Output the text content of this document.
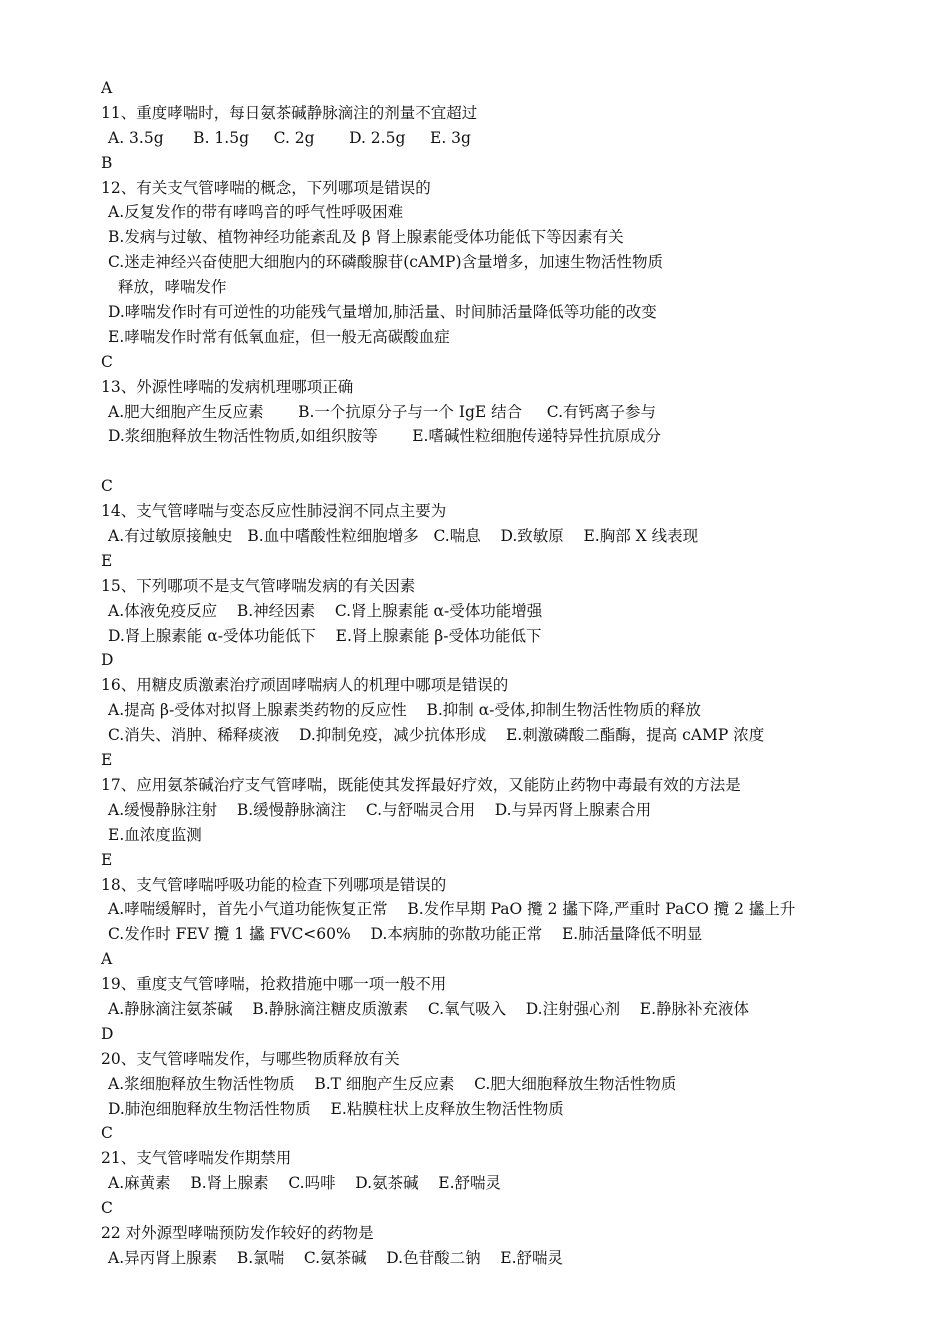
A
11、重度哮喘时，每日氨茶碱静脉滴注的剂量不宜超过
A. 3.5g      B. 1.5g     C. 2g       D. 2.5g     E. 3g
B
12、有关支气管哮喘的概念，下列哪项是错误的
A.反复发作的带有哮鸣音的呼气性呼吸困难
B.发病与过敏、植物神经功能紊乱及 β 肾上腺素能受体功能低下等因素有关
C.迷走神经兴奋使肥大细胞内的环磷酸腺苷(cAMP)含量增多，加速生物活性物质
释放，哮喘发作
D.哮喘发作时有可逆性的功能残气量增加,肺活量、时间肺活量降低等功能的改变
E.哮喘发作时常有低氧血症，但一般无高碳酸血症
C
13、外源性哮喘的发病机理哪项正确
A.肥大细胞产生反应素       B.一个抗原分子与一个 IgE 结合     C.有钙离子参与
D.浆细胞释放生物活性物质,如组织胺等       E.嗜碱性粒细胞传递特异性抗原成分
C
14、支气管哮喘与变态反应性肺浸润不同点主要为
A.有过敏原接触史   B.血中嗜酸性粒细胞增多   C.喘息    D.致敏原    E.胸部 X 线表现
E
15、下列哪项不是支气管哮喘发病的有关因素
A.体液免疫反应    B.神经因素    C.肾上腺素能 α-受体功能增强
D.肾上腺素能 α-受体功能低下    E.肾上腺素能 β-受体功能低下
D
16、用糖皮质激素治疗顽固哮喘病人的机理中哪项是错误的
A.提高 β-受体对拟肾上腺素类药物的反应性    B.抑制 α-受体,抑制生物活性物质的释放
C.消失、消肿、稀释痰液    D.抑制免疫，减少抗体形成    E.刺激磷酸二酯酶，提高 cAMP 浓度
E
17、应用氨茶碱治疗支气管哮喘，既能使其发挥最好疗效，又能防止药物中毒最有效的方法是
A.缓慢静脉注射    B.缓慢静脉滴注    C.与舒喘灵合用    D.与异丙肾上腺素合用
E.血浓度监测
E
18、支气管哮喘呼吸功能的检查下列哪项是错误的
A.哮喘缓解时，首先小气道功能恢复正常    B.发作早期 PaO 攬 2 攭下降,严重时 PaCO 攬 2 攭上升
C.发作时 FEV 攬 1 攭 FVC<60%    D.本病肺的弥散功能正常    E.肺活量降低不明显
A
19、重度支气管哮喘，抢救措施中哪一项一般不用
A.静脉滴注氨茶碱    B.静脉滴注糖皮质激素    C.氧气吸入    D.注射强心剂    E.静脉补充液体
D
20、支气管哮喘发作，与哪些物质释放有关
A.浆细胞释放生物活性物质    B.T 细胞产生反应素    C.肥大细胞释放生物活性物质
D.肺泡细胞释放生物活性物质    E.粘膜柱状上皮释放生物活性物质
C
21、支气管哮喘发作期禁用
A.麻黄素    B.肾上腺素    C.吗啡    D.氨茶碱    E.舒喘灵
C
22 对外源型哮喘预防发作较好的药物是
A.异丙肾上腺素    B.氯喘    C.氨茶碱    D.色苷酸二钠    E.舒喘灵
